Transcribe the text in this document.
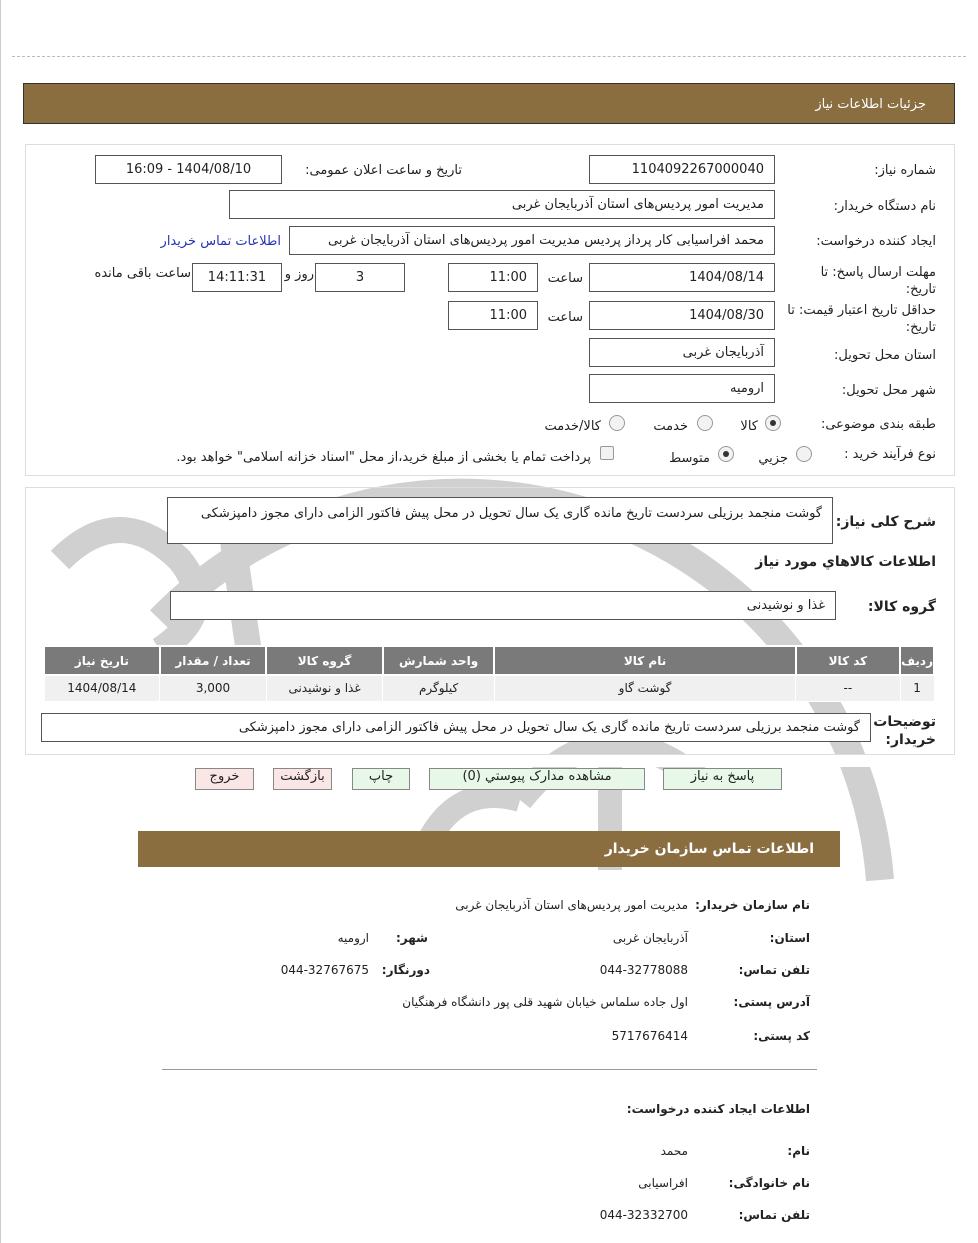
جزئیات اطلاعات نیاز
شماره نیاز:
1104092267000040
تاریخ و ساعت اعلان عمومی:
1404/08/10 - 16:09
نام دستگاه خریدار:
مدیریت امور پردیس‌های استان آذربایجان غربی
ایجاد کننده درخواست:
محمد افراسیابی کار پرداز پردیس مدیریت امور پردیس‌های استان آذربایجان غربی
اطلاعات تماس خریدار
مهلت ارسال پاسخ: تا تاریخ:
1404/08/14
ساعت
11:00
3
روز و
14:11:31
ساعت باقی مانده
حداقل تاریخ اعتبار قیمت: تا تاریخ:
1404/08/30
ساعت
11:00
استان محل تحویل:
آذربایجان غربی
شهر محل تحویل:
ارومیه
طبقه بندی موضوعی:
کالا
خدمت
کالا/خدمت
نوع فرآیند خرید :
جزیي
متوسط
پرداخت تمام یا بخشی از مبلغ خرید،از محل "اسناد خزانه اسلامی" خواهد بود.
شرح کلی نیاز:
گوشت منجمد برزیلی سردست تاریخ مانده گاری یک سال تحویل در محل پیش فاکتور الزامی دارای مجوز دامپزشکی
اطلاعات کالاهاي مورد نیاز
گروه کالا:
غذا و نوشیدنی
ردیف	کد کالا	نام کالا	واحد شمارش	گروه کالا	تعداد / مقدار	تاریخ نیاز
1	--	گوشت گاو	کیلوگرم	غذا و نوشیدنی	3,000	1404/08/14
توضیحات خریدار:
گوشت منجمد برزیلی سردست تاریخ مانده گاری یک سال تحویل در محل پیش فاکتور الزامی دارای مجوز دامپزشکی
پاسخ به نیاز
مشاهده مدارک پیوستي (0)
چاپ
بازگشت
خروج
اطلاعات تماس سازمان خریدار
نام سازمان خریدار:
مدیریت امور پردیس‌های استان آذربایجان غربی
استان:
آذربایجان غربی
شهر:
ارومیه
تلفن تماس:
044-32778088
دورنگار:
044-32767675
آدرس پستی:
اول جاده سلماس خیابان شهید قلی پور دانشگاه فرهنگیان
کد پستی:
5717676414
اطلاعات ایجاد کننده درخواست:
نام:
محمد
نام خانوادگی:
افراسیابی
تلفن تماس:
044-32332700
